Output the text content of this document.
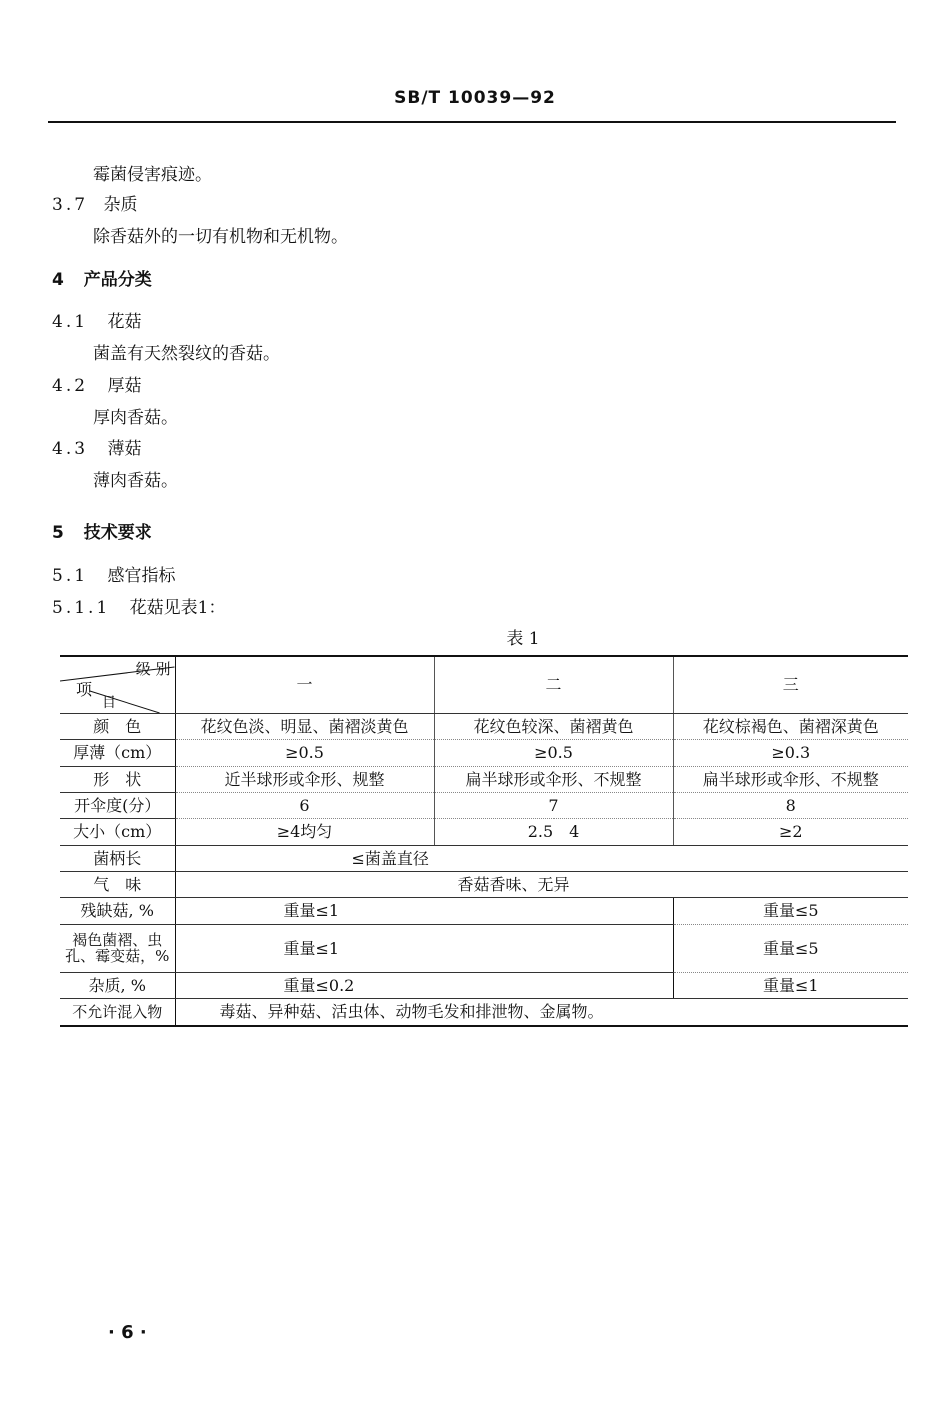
SB/T 10039—92
霉菌侵害痕迹。
3.7 杂质
除香菇外的一切有机物和无机物。
4 产品分类
4.1 花菇
菌盖有天然裂纹的香菇。
4.2 厚菇
厚肉香菇。
4.3 薄菇
薄肉香菇。
5 技术要求
5.1 感官指标
5.1.1 花菇见表1：
表 1
级 别
项
目	一	二	三
颜　色	花纹色淡、明显、菌褶淡黄色	花纹色较深、菌褶黄色	花纹棕褐色、菌褶深黄色
厚薄（cm）	≥0.5	≥0.5	≥0.3
形　状	近半球形或伞形、规整	扁半球形或伞形、不规整	扁半球形或伞形、不规整
开伞度(分）	6	7	8
大小（cm）	≥4均匀	2.5　4	≥2
菌柄长	≤菌盖直径		
气　味	香菇香味、无异		
残缺菇, %	重量≤1		重量≤5
褐色菌褶、虫孔、霉变菇，%	重量≤1		重量≤5
杂质, %	重量≤0.2		重量≤1
不允许混入物	毒菇、异种菇、活虫体、动物毛发和排泄物、金属物。		
· 6 ·
